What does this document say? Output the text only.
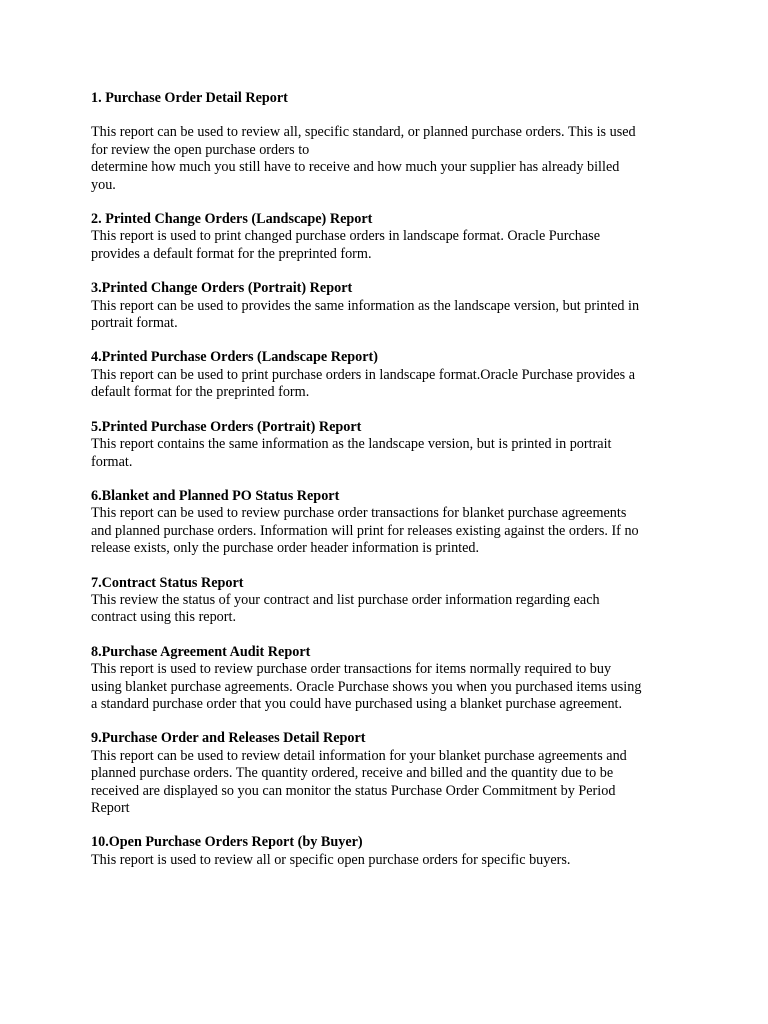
1. Purchase Order Detail Report

This report can be used to review all, specific standard, or planned purchase orders. This is used

for review the open purchase orders to

determine how much you still have to receive and how much your supplier has already billed

you.

2. Printed Change Orders (Landscape) Report

This report is used to print changed purchase orders in landscape format. Oracle Purchase

provides a default format for the preprinted form.

3.Printed Change Orders (Portrait) Report

This report can be used to provides the same information as the landscape version, but printed in

portrait format.

4.Printed Purchase Orders (Landscape Report)

This report can be used to print purchase orders in landscape format.Oracle Purchase provides a

default format for the preprinted form.

5.Printed Purchase Orders (Portrait) Report

This report contains the same information as the landscape version, but is printed in portrait

format.

6.Blanket and Planned PO Status Report

This report can be used to review purchase order transactions for blanket purchase agreements

and planned purchase orders. Information will print for releases existing against the orders. If no

release exists, only the purchase order header information is printed.

7.Contract Status Report

This review the status of your contract and list purchase order information regarding each

contract using this report.

8.Purchase Agreement Audit Report

This report is used to review purchase order transactions for items normally required to buy

using blanket purchase agreements. Oracle Purchase shows you when you purchased items using

a standard purchase order that you could have purchased using a blanket purchase agreement.

9.Purchase Order and Releases Detail Report

This report can be used to review detail information for your blanket purchase agreements and

planned purchase orders. The quantity ordered, receive and billed and the quantity due to be

received are displayed so you can monitor the status Purchase Order Commitment by Period

Report

10.Open Purchase Orders Report (by Buyer)

This report is used to review all or specific open purchase orders for specific buyers.
